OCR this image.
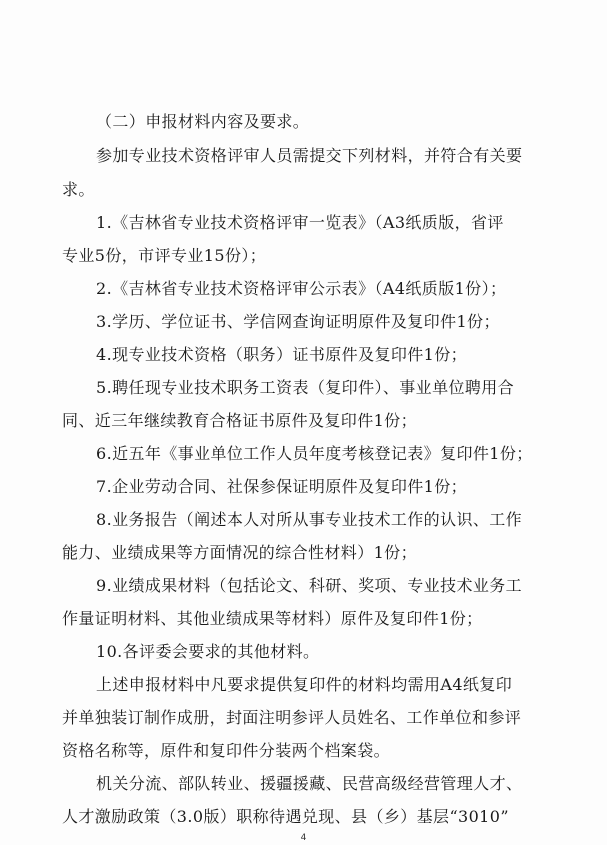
（二）申报材料内容及要求。
参加专业技术资格评审人员需提交下列材料，并符合有关要
求。
1.《吉林省专业技术资格评审一览表》（A3纸质版，省评
专业5份，市评专业15份）；
2.《吉林省专业技术资格评审公示表》（A4纸质版1份）；
3.学历、学位证书、学信网查询证明原件及复印件1份；
4.现专业技术资格（职务）证书原件及复印件1份；
5.聘任现专业技术职务工资表（复印件）、事业单位聘用合
同、近三年继续教育合格证书原件及复印件1份；
6.近五年《事业单位工作人员年度考核登记表》复印件1份；
7.企业劳动合同、社保参保证明原件及复印件1份；
8.业务报告（阐述本人对所从事专业技术工作的认识、工作
能力、业绩成果等方面情况的综合性材料）1份；
9.业绩成果材料（包括论文、科研、奖项、专业技术业务工
作量证明材料、其他业绩成果等材料）原件及复印件1份；
10.各评委会要求的其他材料。
上述申报材料中凡要求提供复印件的材料均需用A4纸复印
并单独装订制作成册，封面注明参评人员姓名、工作单位和参评
资格名称等，原件和复印件分装两个档案袋。
机关分流、部队转业、援疆援藏、民营高级经营管理人才、
人才激励政策（3.0版）职称待遇兑现、县（乡）基层“3010”
4
